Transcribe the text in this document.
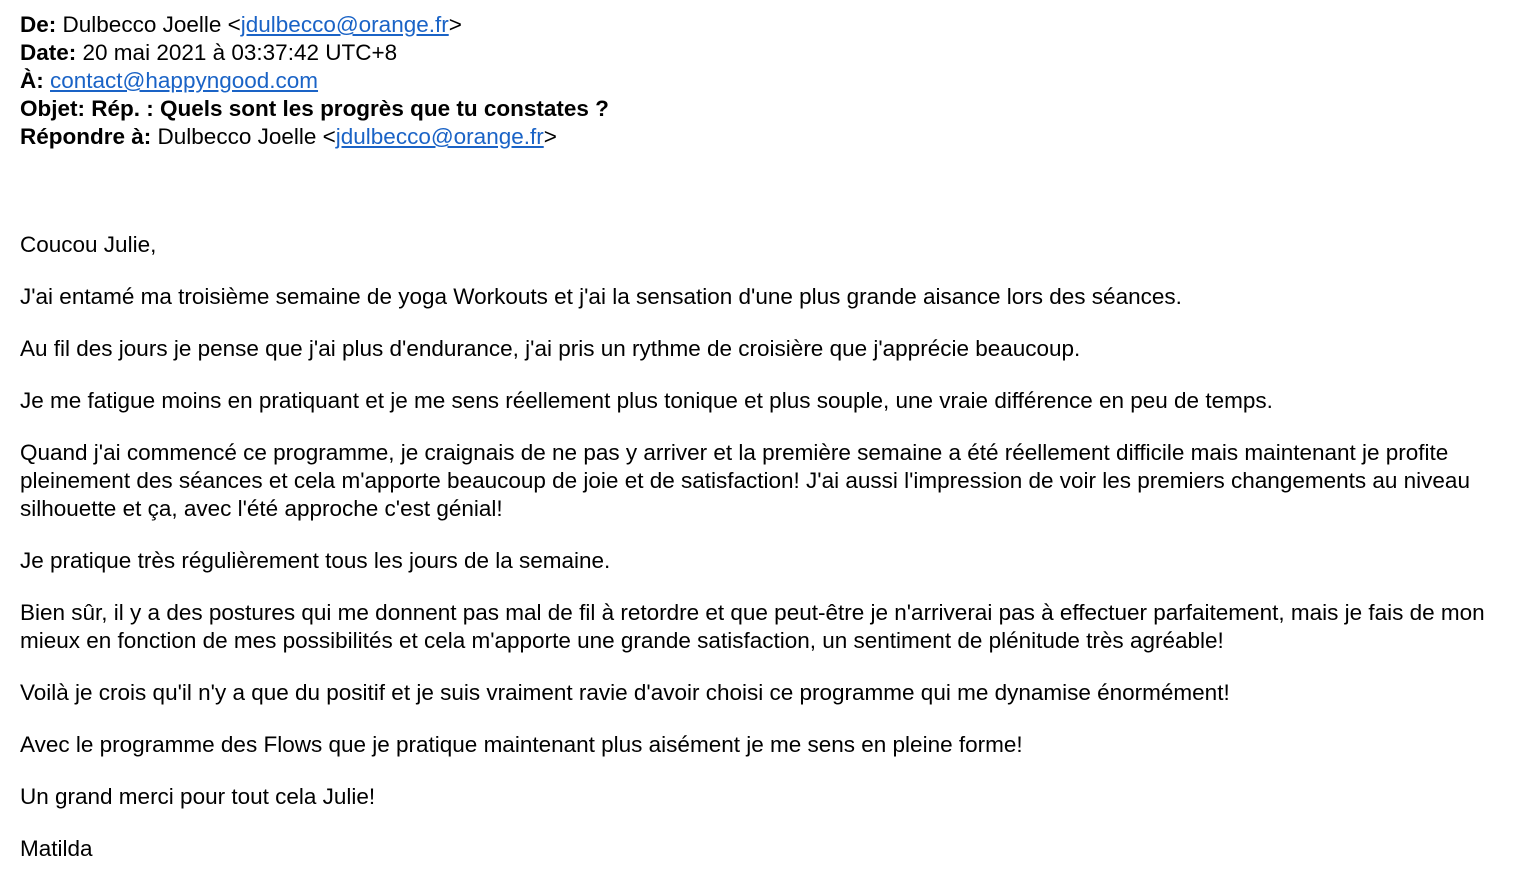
De: Dulbecco Joelle <jdulbecco@orange.fr>
Date: 20 mai 2021 à 03:37:42 UTC+8
À: contact@happyngood.com
Objet: Rép. : Quels sont les progrès que tu constates ?
Répondre à: Dulbecco Joelle <jdulbecco@orange.fr>

Coucou Julie,

J'ai entamé ma troisième semaine de yoga Workouts et j'ai la sensation d'une plus grande aisance lors des séances.

Au fil des jours je pense que j'ai plus d'endurance, j'ai pris un rythme de croisière que j'apprécie beaucoup.

Je me fatigue moins en pratiquant et je me sens réellement plus tonique et plus souple, une vraie différence en peu de temps.

Quand j'ai commencé ce programme, je craignais de ne pas y arriver et la première semaine a été réellement difficile mais maintenant je profite pleinement des séances et cela m'apporte beaucoup de joie et de satisfaction! J'ai aussi l'impression de voir les premiers changements au niveau silhouette et ça, avec l'été approche c'est génial!

Je pratique très régulièrement tous les jours de la semaine.

Bien sûr, il y a des postures qui me donnent pas mal de fil à retordre et que peut-être je n'arriverai pas à effectuer parfaitement, mais je fais de mon mieux en fonction de mes possibilités et cela m'apporte une grande satisfaction, un sentiment de plénitude très agréable!

Voilà je crois qu'il n'y a que du positif et je suis vraiment ravie d'avoir choisi ce programme qui me dynamise énormément!

Avec le programme des Flows que je pratique maintenant plus aisément je me sens en pleine forme!

Un grand merci pour tout cela Julie!

Matilda
